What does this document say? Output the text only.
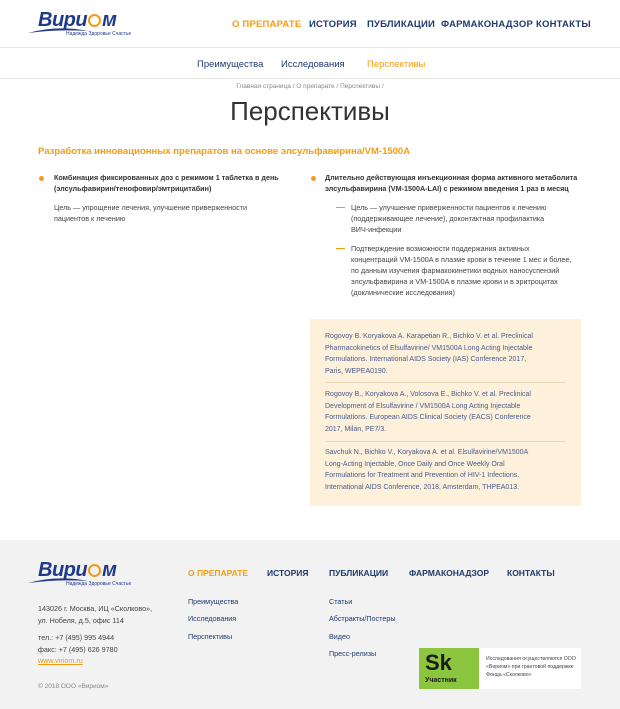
Вири м
Надежда Здоровье Счастье
О ПРЕПАРАТЕ ИСТОРИЯ ПУБЛИКАЦИИ ФАРМАКОНАДЗОР КОНТАКТЫ
Преимущества Исследования Перспективы
Главная страница / О препарате / Перспективы /
Перспективы
Разработка инновационных препаратов на основе элсульфавирина/VM-1500A
Комбинация фиксированных доз с режимом 1 таблетка в день
(элсульфавирин/тенофовир/эмтрицитабин)
Цель — упрощение лечения, улучшение приверженности
пациентов к лечению
Длительно действующая инъекционная форма активного метаболита
элсульфавирина (VM-1500A-LAI) с режимом введения 1 раз в месяц
Цель — улучшение приверженности пациентов к лечению
(поддерживающее лечение), доконтактная профилактика
ВИЧ-инфекции
Подтверждение возможности поддержания активных
концентраций VM-1500A в плазме крови в течение 1 мес и более,
по данным изучения фармакокинетики водных наносуспензий
элсульфавирина и VM-1500A в плазме крови и в эритроцитах
(доклинические исследования)
Rogovoy B. Koryakova A. Karapetian R., Bichko V. et al. Preclinical
Pharmacokinetics of Elsulfavirine/ VM1500A Long Acting Injectable
Formulations. International AIDS Society (IAS) Conference 2017,
Paris, WEPEA0190.
Rogovoy B., Koryakova A., Volosova E., Bichko V. et al. Preclinical
Development of Elsulfavirine / VM1500A Long Acting Injectable
Formulations. European AIDS Clinical Society (EACS) Conference
2017, Milan, PE7/3.
Savchuk N., Bichko V., Koryakova A. et al. Elsulfavirine/VM1500A
Long-Acting Injectable, Once Daily and Once Weekly Oral
Formulations for Treatment and Prevention of HIV-1 Infections.
International AIDS Conference, 2018, Amsterdam, THPEA013.
Вири м
Надежда Здоровье Счастье
О ПРЕПАРАТЕ ИСТОРИЯ ПУБЛИКАЦИИ ФАРМАКОНАДЗОР КОНТАКТЫ
Преимущества
Исследования
Перспективы
Статьи
Абстракты/Постеры
Видео
Пресс-релизы
143026 г. Москва, ИЦ «Сколково»,
ул. Нобеля, д.5, офис 114
тел.: +7 (495) 995 4944
факс: +7 (495) 626 9780
www.viriom.ru
© 2018 ООО «Вириом»
Sk
Участник
Исследования осуществляются ООО «Вириом» при грантовой поддержке Фонда «Сколково»
